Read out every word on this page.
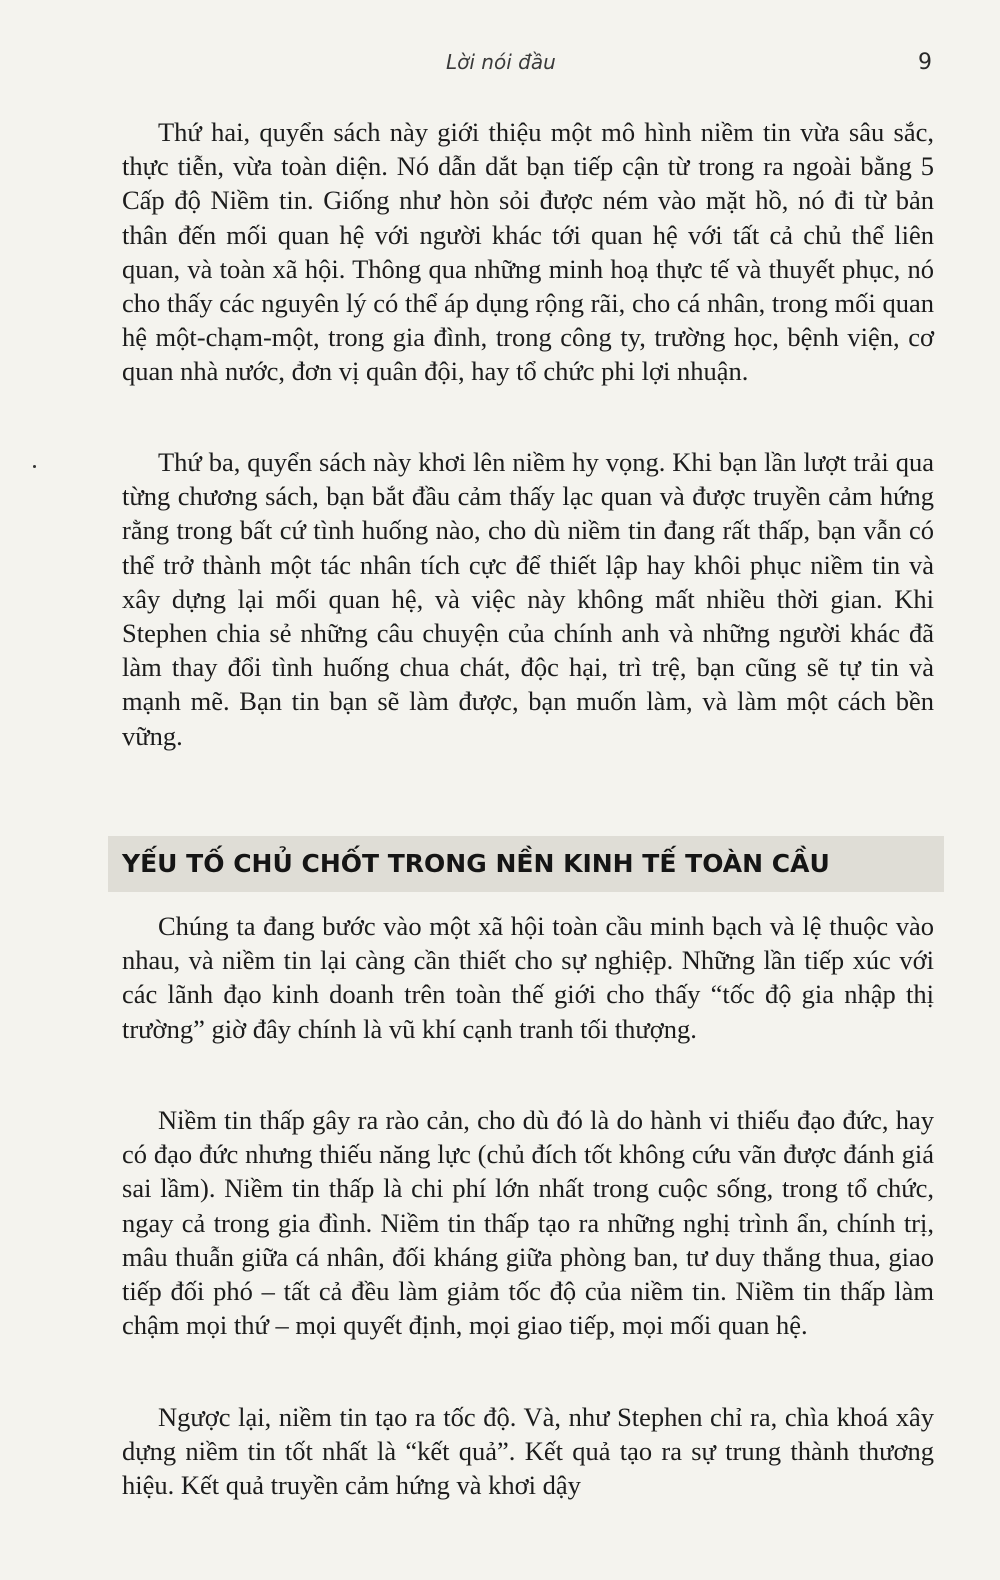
Lời nói đầu	9

Thứ hai, quyển sách này giới thiệu một mô hình niềm tin vừa sâu sắc, thực tiễn, vừa toàn diện. Nó dẫn dắt bạn tiếp cận từ trong ra ngoài bằng 5 Cấp độ Niềm tin. Giống như hòn sỏi được ném vào mặt hồ, nó đi từ bản thân đến mối quan hệ với người khác tới quan hệ với tất cả chủ thể liên quan, và toàn xã hội. Thông qua những minh hoạ thực tế và thuyết phục, nó cho thấy các nguyên lý có thể áp dụng rộng rãi, cho cá nhân, trong mối quan hệ một-chạm-một, trong gia đình, trong công ty, trường học, bệnh viện, cơ quan nhà nước, đơn vị quân đội, hay tổ chức phi lợi nhuận.

Thứ ba, quyển sách này khơi lên niềm hy vọng. Khi bạn lần lượt trải qua từng chương sách, bạn bắt đầu cảm thấy lạc quan và được truyền cảm hứng rằng trong bất cứ tình huống nào, cho dù niềm tin đang rất thấp, bạn vẫn có thể trở thành một tác nhân tích cực để thiết lập hay khôi phục niềm tin và xây dựng lại mối quan hệ, và việc này không mất nhiều thời gian. Khi Stephen chia sẻ những câu chuyện của chính anh và những người khác đã làm thay đổi tình huống chua chát, độc hại, trì trệ, bạn cũng sẽ tự tin và mạnh mẽ. Bạn tin bạn sẽ làm được, bạn muốn làm, và làm một cách bền vững.

YẾU TỐ CHỦ CHỐT TRONG NỀN KINH TẾ TOÀN CẦU

Chúng ta đang bước vào một xã hội toàn cầu minh bạch và lệ thuộc vào nhau, và niềm tin lại càng cần thiết cho sự nghiệp. Những lần tiếp xúc với các lãnh đạo kinh doanh trên toàn thế giới cho thấy “tốc độ gia nhập thị trường” giờ đây chính là vũ khí cạnh tranh tối thượng.

Niềm tin thấp gây ra rào cản, cho dù đó là do hành vi thiếu đạo đức, hay có đạo đức nhưng thiếu năng lực (chủ đích tốt không cứu vãn được đánh giá sai lầm). Niềm tin thấp là chi phí lớn nhất trong cuộc sống, trong tổ chức, ngay cả trong gia đình. Niềm tin thấp tạo ra những nghị trình ẩn, chính trị, mâu thuẫn giữa cá nhân, đối kháng giữa phòng ban, tư duy thắng thua, giao tiếp đối phó – tất cả đều làm giảm tốc độ của niềm tin. Niềm tin thấp làm chậm mọi thứ – mọi quyết định, mọi giao tiếp, mọi mối quan hệ.

Ngược lại, niềm tin tạo ra tốc độ. Và, như Stephen chỉ ra, chìa khoá xây dựng niềm tin tốt nhất là “kết quả”. Kết quả tạo ra sự trung thành thương hiệu. Kết quả truyền cảm hứng và khơi dậy
